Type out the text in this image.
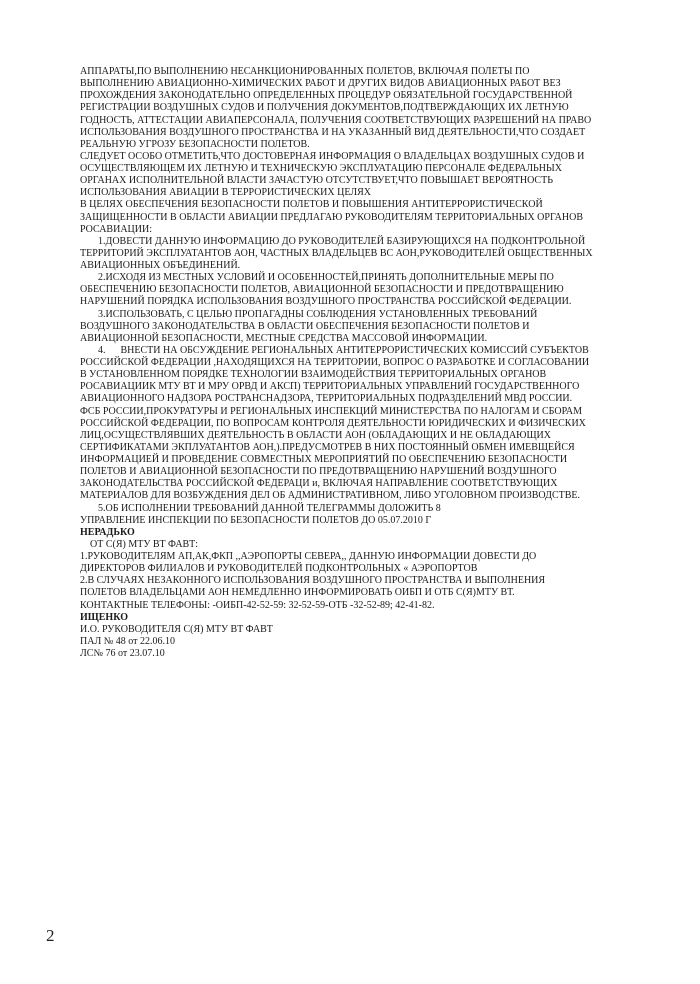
АППАРАТЫ,ПО ВЫПОЛНЕНИЮ НЕСАНКЦИОНИРОВАННЫХ ПОЛЕТОВ, ВКЛЮЧАЯ ПОЛЕТЫ ПО
ВЫПОЛНЕНИЮ АВИАЦИОННО-ХИМИЧЕСКИХ РАБОТ И ДРУГИХ ВИДОВ АВИАЦИОННЫХ РАБОТ ВЕЗ
ПРОХОЖДЕНИЯ ЗАКОНОДАТЕЛЬНО ОПРЕДЕЛЕННЫХ ПРОЦЕДУР ОБЯЗАТЕЛЬНОЙ ГОСУДАРСТВЕННОЙ
РЕГИСТРАЦИИ ВОЗДУШНЫХ СУДОВ И ПОЛУЧЕНИЯ ДОКУМЕНТОВ,ПОДТВЕРЖДАЮЩИХ ИХ ЛЕТНУЮ
ГОДНОСТЬ, АТТЕСТАЦИИ АВИАПЕРСОНАЛА, ПОЛУЧЕНИЯ СООТВЕТСТВУЮЩИХ РАЗРЕШЕНИЙ НА ПРАВО
ИСПОЛЬЗОВАНИЯ ВОЗДУШНОГО ПРОСТРАНСТВА И НА УКАЗАННЫЙ ВИД ДЕЯТЕЛЬНОСТИ,ЧТО СОЗДАЕТ
РЕАЛЬНУЮ УГРОЗУ БЕЗОПАСНОСТИ ПОЛЕТОВ.
СЛЕДУЕТ ОСОБО ОТМЕТИТЬ,ЧТО ДОСТОВЕРНАЯ ИНФОРМАЦИЯ О ВЛАДЕЛЬЦАХ ВОЗДУШНЫХ СУДОВ И
ОСУЩЕСТВЛЯЮЩЕМ ИХ ЛЕТНУЮ И ТЕХНИЧЕСКУЮ ЭКСПЛУАТАЦИЮ ПЕРСОНАЛЕ ФЕДЕРАЛЬНЫХ
ОРГАНАХ ИСПОЛНИТЕЛЬНОЙ ВЛАСТИ ЗАЧАСТУЮ ОТСУТСТВУЕТ,ЧТО ПОВЫШАЕТ ВЕРОЯТНОСТЬ
ИСПОЛЬЗОВАНИЯ АВИАЦИИ В ТЕРРОРИСТИЧЕСКИХ ЦЕЛЯХ
В ЦЕЛЯХ ОБЕСПЕЧЕНИЯ БЕЗОПАСНОСТИ ПОЛЕТОВ И ПОВЫШЕНИЯ АНТИТЕРРОРИСТИЧЕСКОЙ
ЗАЩИЩЕННОСТИ В ОБЛАСТИ АВИАЦИИ ПРЕДЛАГАЮ РУКОВОДИТЕЛЯМ ТЕРРИТОРИАЛЬНЫХ ОРГАНОВ
РОСАВИАЦИИ:
1.ДОВЕСТИ ДАННУЮ ИНФОРМАЦИЮ ДО РУКОВОДИТЕЛЕЙ БАЗИРУЮЩИХСЯ НА ПОДКОНТРОЛЬНОЙ
ТЕРРИТОРИЙ ЭКСПЛУАТАНТОВ АОН, ЧАСТНЫХ ВЛАДЕЛЬЦЕВ ВС АОН,РУКОВОДИТЕЛЕЙ ОБЩЕСТВЕННЫХ
АВИАЦИОННЫХ ОБЪЕДИНЕНИЙ.
2.ИСХОДЯ ИЗ МЕСТНЫХ УСЛОВИЙ И ОСОБЕННОСТЕЙ,ПРИНЯТЬ ДОПОЛНИТЕЛЬНЫЕ МЕРЫ ПО
ОБЕСПЕЧЕНИЮ БЕЗОПАСНОСТИ ПОЛЕТОВ, АВИАЦИОННОЙ БЕЗОПАСНОСТИ И ПРЕДОТВРАЩЕНИЮ
НАРУШЕНИЙ ПОРЯДКА ИСПОЛЬЗОВАНИЯ ВОЗДУШНОГО ПРОСТРАНСТВА РОССИЙСКОЙ ФЕДЕРАЦИИ.
3.ИСПОЛЬЗОВАТЬ, С ЦЕЛЬЮ ПРОПАГАДНЫ СОБЛЮДЕНИЯ УСТАНОВЛЕННЫХ ТРЕБОВАНИЙ
ВОЗДУШНОГО ЗАКОНОДАТЕЛЬСТВА В ОБЛАСТИ ОБЕСПЕЧЕНИЯ БЕЗОПАСНОСТИ ПОЛЕТОВ И
АВИАЦИОННОЙ БЕЗОПАСНОСТИ, МЕСТНЫЕ СРЕДСТВА МАССОВОЙ ИНФОРМАЦИИ.
4.      ВНЕСТИ НА ОБСУЖДЕНИЕ РЕГИОНАЛЬНЫХ АНТИТЕРРОРИСТИЧЕСКИХ КОМИССИЙ СУБЪЕКТОВ
РОССИЙСКОЙ ФЕДЕРАЦИИ ,НАХОДЯЩИХСЯ НА ТЕРРИТОРИИ, ВОПРОС О РАЗРАБОТКЕ И СОГЛАСОВАНИИ
В УСТАНОВЛЕННОМ ПОРЯДКЕ ТЕХНОЛОГИИ ВЗАИМОДЕЙСТВИЯ ТЕРРИТОРИАЛЬНЫХ ОРГАНОВ
РОСАВИАЦИИК МТУ ВТ И МРУ ОРВД И АКСП) ТЕРРИТОРИАЛЬНЫХ УПРАВЛЕНИЙ ГОСУДАРСТВЕННОГО
АВИАЦИОННОГО НАДЗОРА РОСТРАНСНАДЗОРА, ТЕРРИТОРИАЛЬНЫХ ПОДРАЗДЕЛЕНИЙ МВД РОССИИ.
ФСБ РОССИИ,ПРОКУРАТУРЫ И РЕГИОНАЛЬНЫХ ИНСПЕКЦИЙ МИНИСТЕРСТВА ПО НАЛОГАМ И СБОРАМ
РОССИЙСКОЙ ФЕДЕРАЦИИ, ПО ВОПРОСАМ КОНТРОЛЯ ДЕЯТЕЛЬНОСТИ ЮРИДИЧЕСКИХ И ФИЗИЧЕСКИХ
ЛИЦ,ОСУЩЕСТВЛЯВШИХ ДЕЯТЕЛЬНОСТЬ В ОБЛАСТИ АОН (ОБЛАДАЮЩИХ И НЕ ОБЛАДАЮЩИХ
СЕРТИФИКАТАМИ ЭКПЛУАТАНТОВ АОН,).ПРЕДУСМОТРЕВ В НИХ ПОСТОЯННЫЙ ОБМЕН ИМЕВЩЕЙСЯ
ИНФОРМАЦИЕЙ И ПРОВЕДЕНИЕ СОВМЕСТНЫХ МЕРОПРИЯТИЙ ПО ОБЕСПЕЧЕНИЮ БЕЗОПАСНОСТИ
ПОЛЕТОВ И АВИАЦИОННОЙ БЕЗОПАСНОСТИ ПО ПРЕДОТВРАЩЕНИЮ НАРУШЕНИЙ ВОЗДУШНОГО
ЗАКОНОДАТЕЛЬСТВА РОССИЙСКОЙ ФЕДЕРАЦИ и, ВКЛЮЧАЯ НАПРАВЛЕНИЕ СООТВЕТСТВУЮЩИХ
МАТЕРИАЛОВ ДЛЯ ВОЗБУЖДЕНИЯ ДЕЛ ОБ АДМИНИСТРАТИВНОМ, ЛИБО УГОЛОВНОМ ПРОИЗВОДСТВЕ.
5.ОБ ИСПОЛНЕНИИ ТРЕБОВАНИЙ ДАННОЙ ТЕЛЕГРАММЫ ДОЛОЖИТЬ 8
УПРАВЛЕНИЕ ИНСПЕКЦИИ ПО БЕЗОПАСНОСТИ ПОЛЕТОВ ДО 05.07.2010 Г
НЕРАДЬКО
ОТ С(Я) МТУ ВТ ФАВТ:
1.РУКОВОДИТЕЛЯМ АП,АК,ФКП ,,АЭРОПОРТЫ СЕВЕРА,, ДАННУЮ ИНФОРМАЦИИ ДОВЕСТИ ДО
ДИРЕКТОРОВ ФИЛИАЛОВ И РУКОВОДИТЕЛЕЙ ПОДКОНТРОЛЬНЫХ « АЭРОПОРТОВ
2.В СЛУЧАЯХ НЕЗАКОННОГО ИСПОЛЬЗОВАНИЯ ВОЗДУШНОГО ПРОСТРАНСТВА И ВЫПОЛНЕНИЯ
ПОЛЕТОВ ВЛАДЕЛЬЦАМИ АОН НЕМЕДЛЕННО ИНФОРМИРОВАТЬ ОИБП И ОТБ С(Я)МТУ ВТ.
КОНТАКТНЫЕ ТЕЛЕФОНЫ: -ОИБП-42-52-59: 32-52-59-ОТБ -32-52-89; 42-41-82.
ИЩЕНКО
И.О. РУКОВОДИТЕЛЯ С(Я) МТУ ВТ ФАВТ
ПАЛ № 48 от 22.06.10
ЛС№ 76 от 23.07.10
2
